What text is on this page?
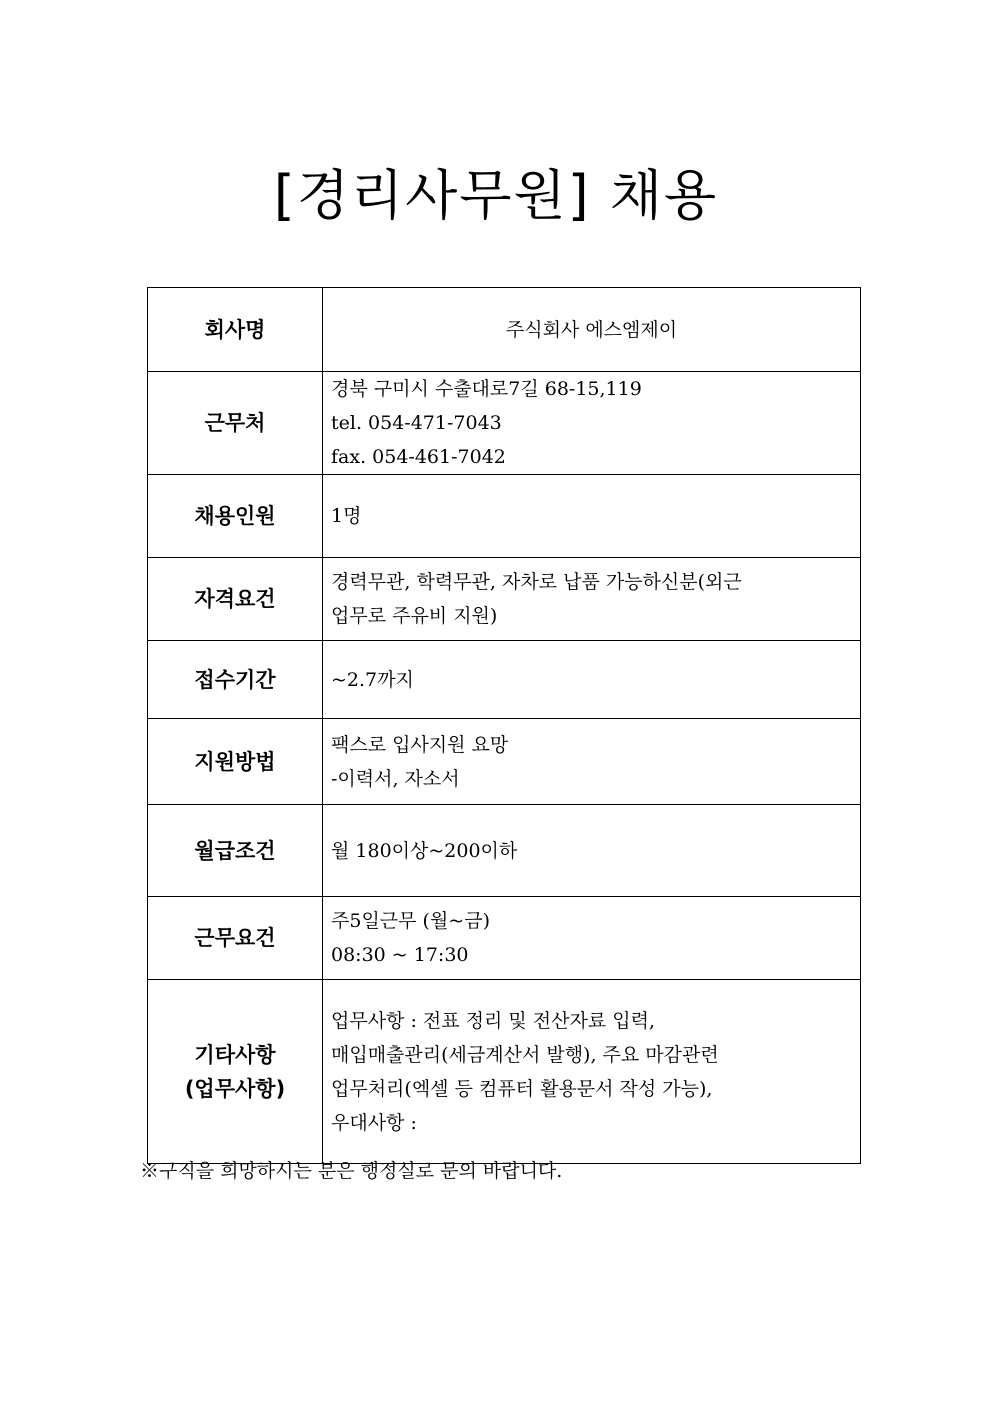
[경리사무원] 채용
회사명	주식회사 에스엠제이

근무처	경북 구미시 수출대로7길 68-15,119
tel. 054-471-7043
fax. 054-461-7042

채용인원	1명

자격요건	경력무관, 학력무관, 자차로 납품 가능하신분(외근
업무로 주유비 지원)

접수기간	~2.7까지

지원방법	팩스로 입사지원 요망
-이력서, 자소서

월급조건	월 180이상~200이하

근무요건	주5일근무 (월~금)
08:30 ~ 17:30

기타사항
(업무사항)	업무사항 : 전표 정리 및 전산자료 입력,
매입매출관리(세금계산서 발행), 주요 마감관련
업무처리(엑셀 등 컴퓨터 활용문서 작성 가능),
우대사항 :
※구직을 희망하시는 분은 행정실로 문의 바랍니다.
